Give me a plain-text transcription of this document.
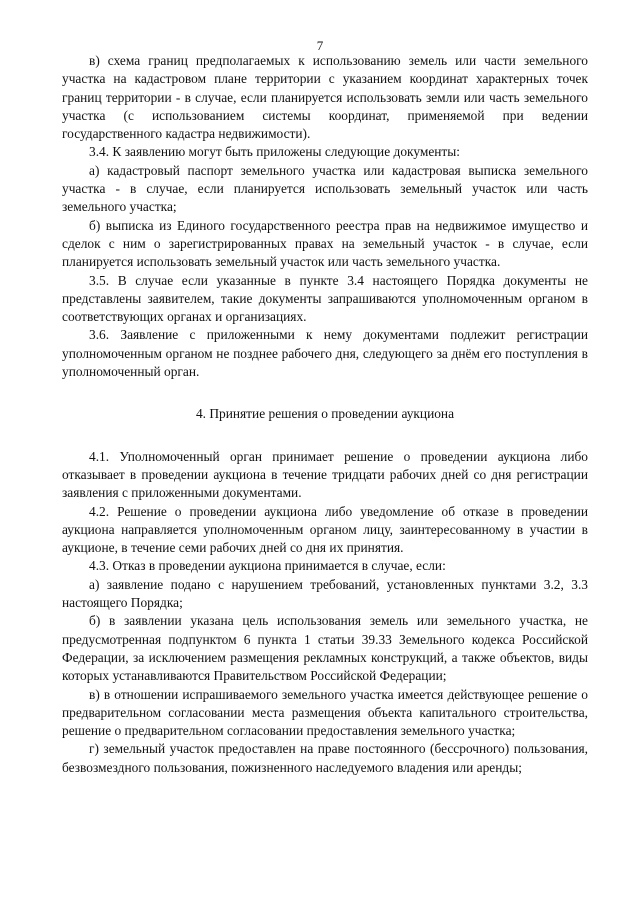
7

в) схема границ предполагаемых к использованию земель или части земельного участка на кадастровом плане территории с указанием координат характерных точек границ территории - в случае, если планируется использовать земли или часть земельного участка (с использованием системы координат, применяемой при ведении государственного кадастра недвижимости).

3.4. К заявлению могут быть приложены следующие документы:

а) кадастровый паспорт земельного участка или кадастровая выписка земельного участка - в случае, если планируется использовать земельный участок или часть земельного участка;

б) выписка из Единого государственного реестра прав на недвижимое имущество и сделок с ним о зарегистрированных правах на земельный участок - в случае, если планируется использовать земельный участок или часть земельного участка.

3.5. В случае если указанные в пункте 3.4 настоящего Порядка документы не представлены заявителем, такие документы запрашиваются уполномоченным органом в соответствующих органах и организациях.

3.6. Заявление с приложенными к нему документами подлежит регистрации уполномоченным органом не позднее рабочего дня, следующего за днём его поступления в уполномоченный орган.

4. Принятие решения о проведении аукциона

4.1. Уполномоченный орган принимает решение о проведении аукциона либо отказывает в проведении аукциона в течение тридцати рабочих дней со дня регистрации заявления с приложенными документами.

4.2. Решение о проведении аукциона либо уведомление об отказе в проведении аукциона направляется уполномоченным органом лицу, заинтересованному в участии в аукционе, в течение семи рабочих дней со дня их принятия.

4.3. Отказ в проведении аукциона принимается в случае, если:

а) заявление подано с нарушением требований, установленных пунктами 3.2, 3.3 настоящего Порядка;

б) в заявлении указана цель использования земель или земельного участка, не предусмотренная подпунктом 6 пункта 1 статьи 39.33 Земельного кодекса Российской Федерации, за исключением размещения рекламных конструкций, а также объектов, виды которых устанавливаются Правительством Российской Федерации;

в) в отношении испрашиваемого земельного участка имеется действующее решение о предварительном согласовании места размещения объекта капитального строительства, решение о предварительном согласовании предоставления земельного участка;

г) земельный участок предоставлен на праве постоянного (бессрочного) пользования, безвозмездного пользования, пожизненного наследуемого владения или аренды;
